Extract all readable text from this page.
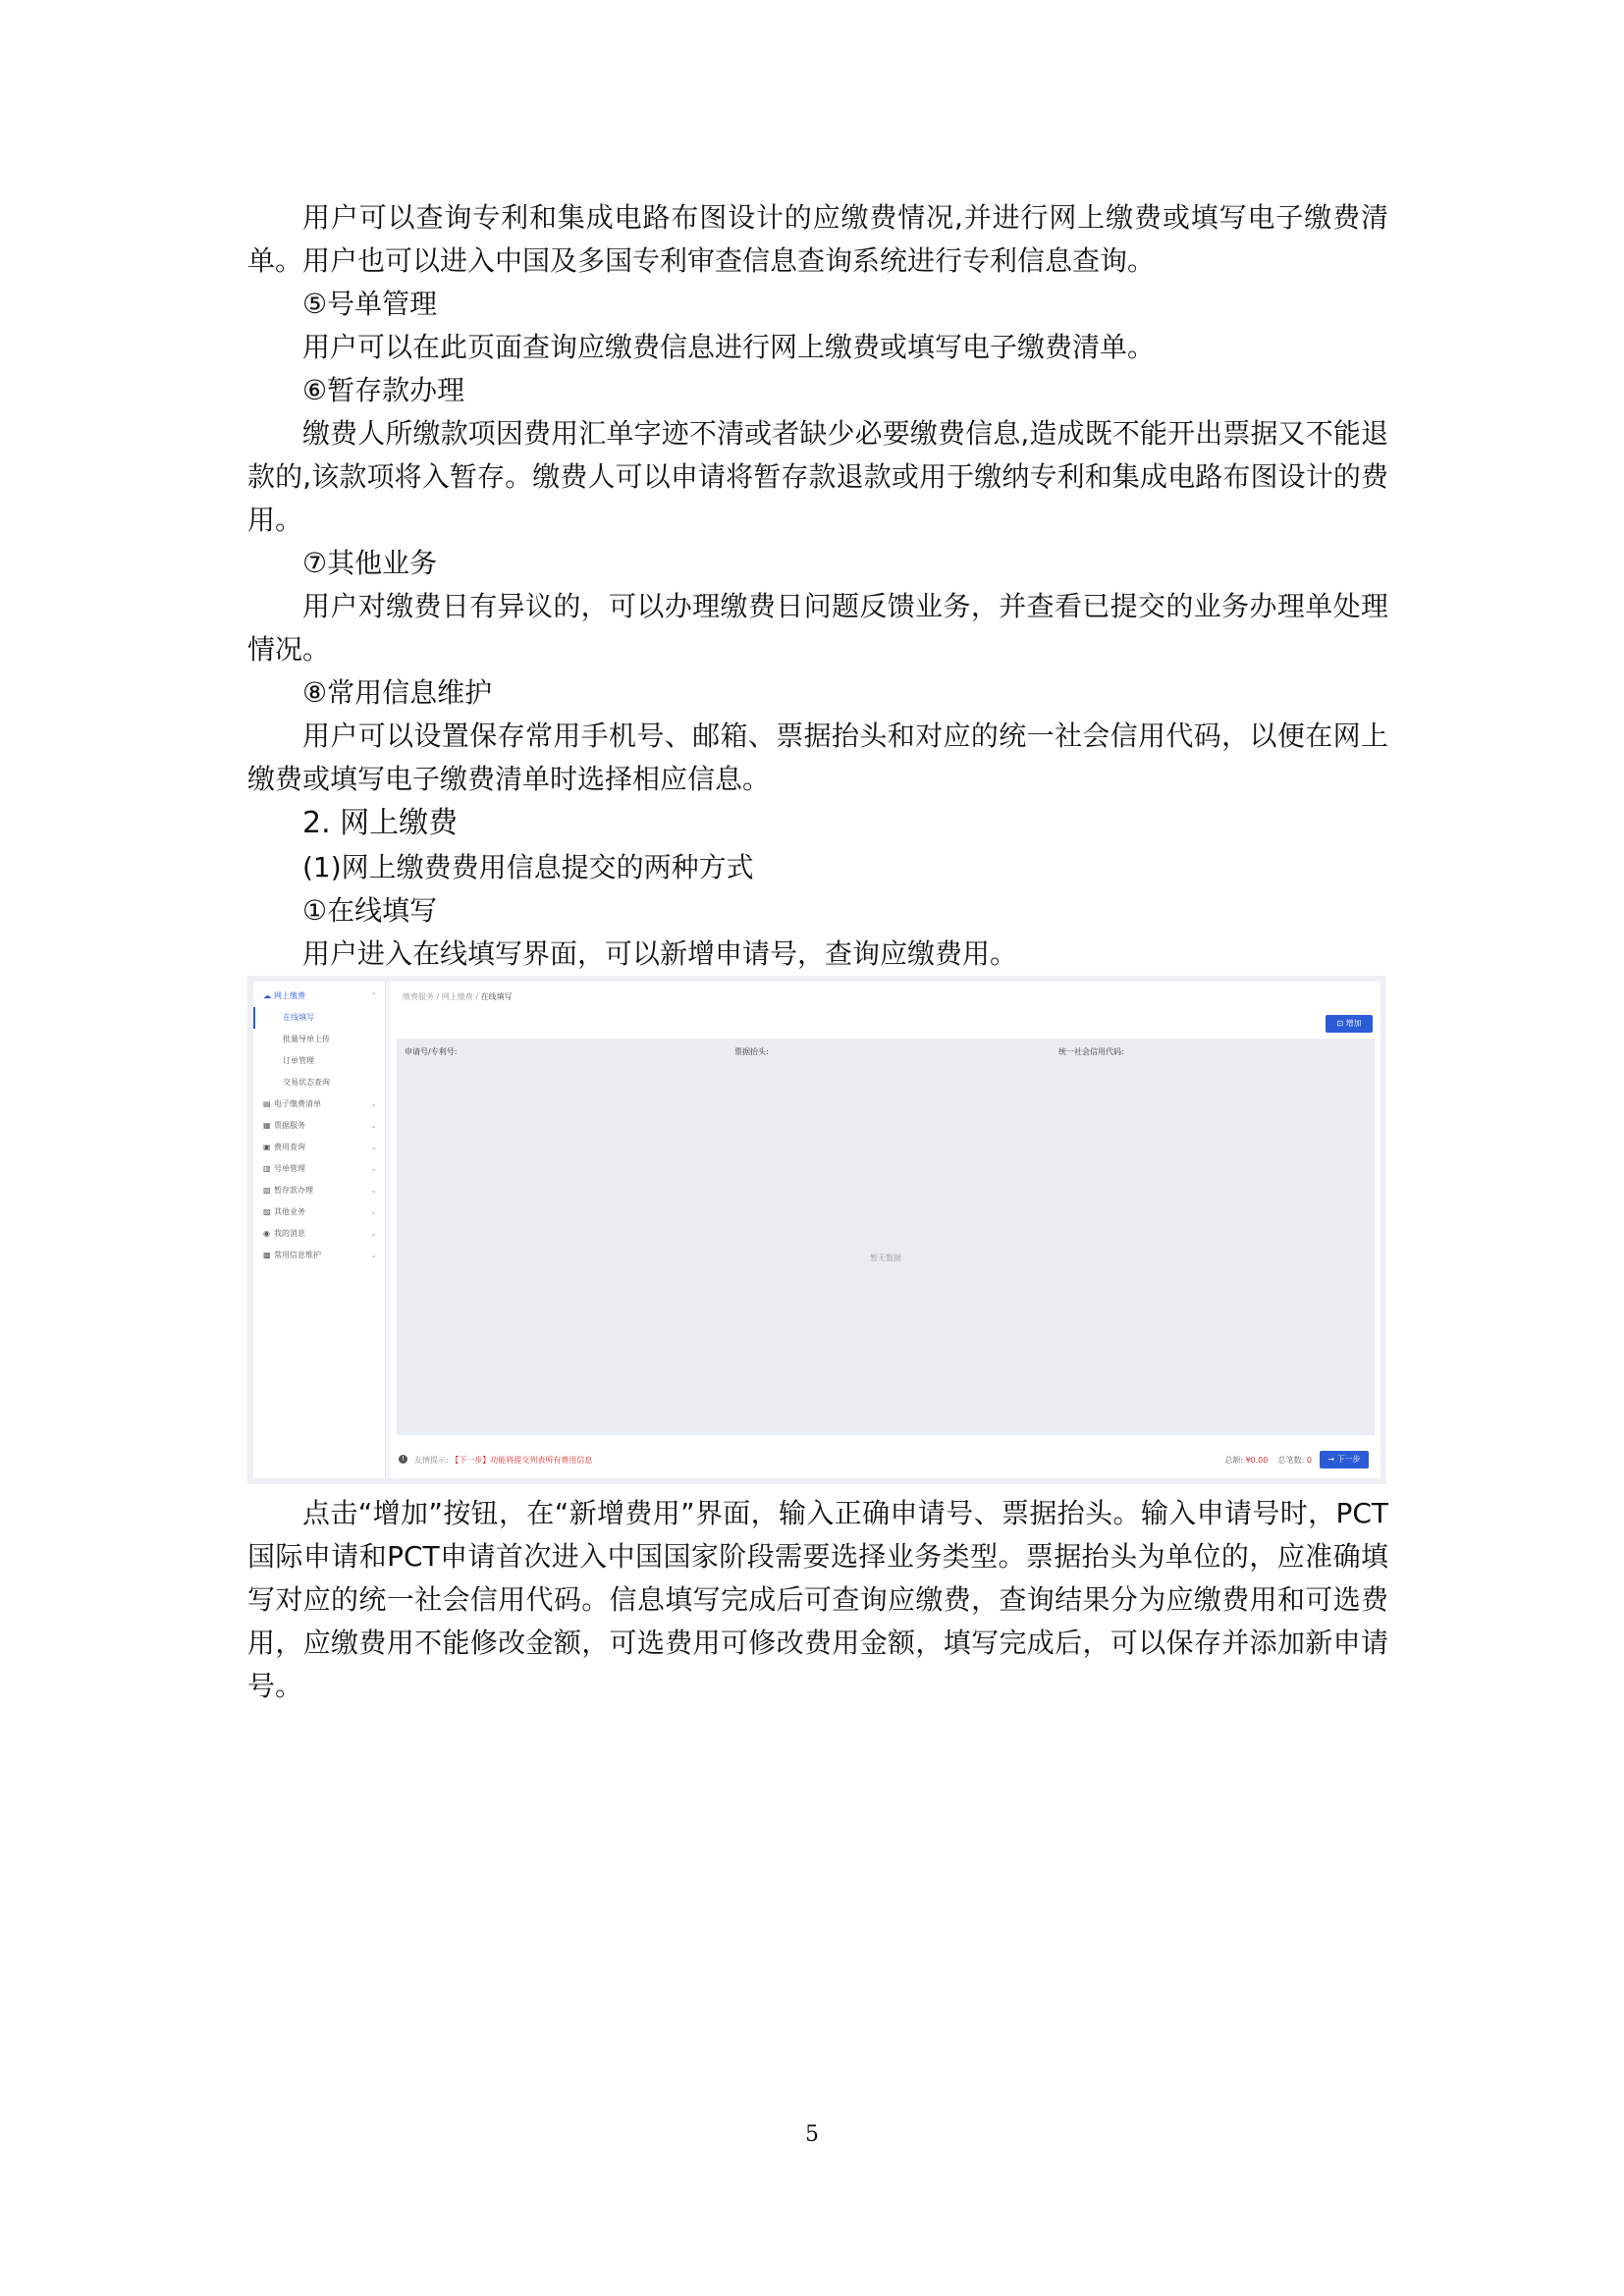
用户可以查询专利和集成电路布图设计的应缴费情况,并进行网上缴费或填写电子缴费清单。用户也可以进入中国及多国专利审查信息查询系统进行专利信息查询。

⑤号单管理

用户可以在此页面查询应缴费信息进行网上缴费或填写电子缴费清单。

⑥暂存款办理

缴费人所缴款项因费用汇单字迹不清或者缺少必要缴费信息,造成既不能开出票据又不能退款的,该款项将入暂存。缴费人可以申请将暂存款退款或用于缴纳专利和集成电路布图设计的费用。

⑦其他业务

用户对缴费日有异议的，可以办理缴费日问题反馈业务，并查看已提交的业务办理单处理情况。

⑧常用信息维护

用户可以设置保存常用手机号、邮箱、票据抬头和对应的统一社会信用代码，以便在网上缴费或填写电子缴费清单时选择相应信息。

2. 网上缴费

(1)网上缴费费用信息提交的两种方式

①在线填写

用户进入在线填写界面，可以新增申请号，查询应缴费用。

☁ 网上缴费	⌃
在线填写
批量导单上传
订单管理
交易状态查询
▤ 电子缴费清单	⌄
▦ 票据服务	⌄
▣ 费用查询	⌄
▥ 号单管理	⌄
▧ 暂存款办理	⌄
▨ 其他业务	⌄
◉ 我的消息	⌄
▩ 常用信息维护	⌄
缴费服务 / 网上缴费 / 在线填写
⊡ 增加
申请号/专利号:	票据抬头:	统一社会信用代码:
暂无数据
!	友情提示: 【下一步】功能将提交列表所有费用信息	总额: ¥0.00 总笔数: 0	→ 下一步

点击“增加”按钮，在“新增费用”界面，输入正确申请号、票据抬头。输入申请号时，PCT国际申请和PCT申请首次进入中国国家阶段需要选择业务类型。票据抬头为单位的，应准确填写对应的统一社会信用代码。信息填写完成后可查询应缴费，查询结果分为应缴费用和可选费用，应缴费用不能修改金额，可选费用可修改费用金额，填写完成后，可以保存并添加新申请号。

5
